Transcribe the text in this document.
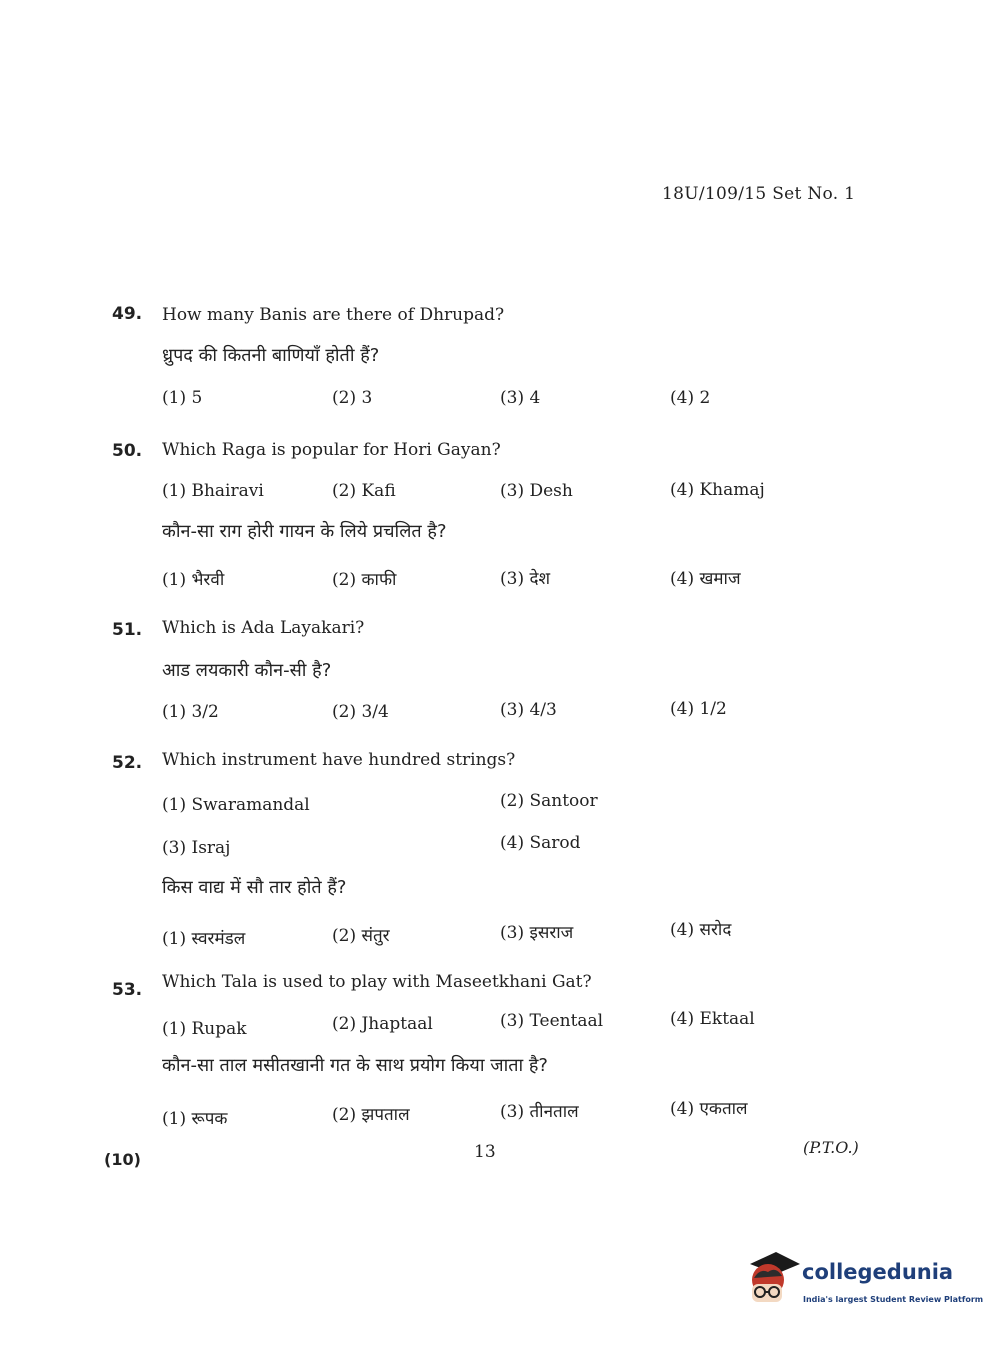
18U/109/15 Set No. 1
49. How many Banis are there of Dhrupad?
ध्रुपद की कितनी बाणियाँ होती हैं?
(1) 5	(2) 3	(3) 4	(4) 2
50. Which Raga is popular for Hori Gayan?
(1) Bhairavi	(2) Kafi	(3) Desh	(4) Khamaj
कौन-सा राग होरी गायन के लिये प्रचलित है?
(1) भैरवी	(2) काफी	(3) देश	(4) खमाज
51. Which is Ada Layakari?
आड लयकारी कौन-सी है?
(1) 3/2	(2) 3/4	(3) 4/3	(4) 1/2
52. Which instrument have hundred strings?
(1) Swaramandal	(2) Santoor
(3) Israj	(4) Sarod
किस वाद्य में सौ तार होते हैं?
(1) स्वरमंडल	(2) संतुर	(3) इसराज	(4) सरोद
53. Which Tala is used to play with Maseetkhani Gat?
(1) Rupak	(2) Jhaptaal	(3) Teentaal	(4) Ektaal
कौन-सा ताल मसीतखानी गत के साथ प्रयोग किया जाता है?
(1) रूपक	(2) झपताल	(3) तीनताल	(4) एकताल
(10)	13	(P.T.O.)
collegedunia
India's largest Student Review Platform
